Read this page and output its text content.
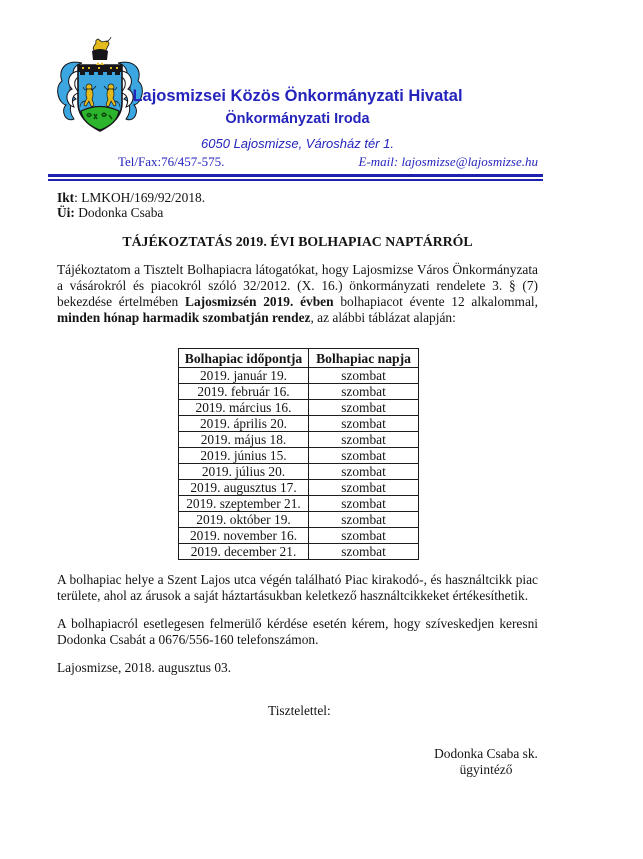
Lajosmizsei Közös Önkormányzati Hivatal
Önkormányzati Iroda
6050 Lajosmizse, Városház tér 1.
Tel/Fax:76/457-575.	E-mail: lajosmizse@lajosmizse.hu

Ikt: LMKOH/169/92/2018.

Üi: Dodonka Csaba

TÁJÉKOZTATÁS 2019. ÉVI BOLHAPIAC NAPTÁRRÓL

Tájékoztatom a Tisztelt Bolhapiacra látogatókat, hogy Lajosmizse Város Önkormányzata a vásárokról és piacokról szóló 32/2012. (X. 16.) önkormányzati rendelete 3. § (7) bekezdése értelmében Lajosmizsén 2019. évben bolhapiacot évente 12 alkalommal, minden hónap harmadik szombatján rendez, az alábbi táblázat alapján:

Bolhapiac időpontja	Bolhapiac napja
2019. január 19.	szombat
2019. február 16.	szombat
2019. március 16.	szombat
2019. április 20.	szombat
2019. május 18.	szombat
2019. június 15.	szombat
2019. július 20.	szombat
2019. augusztus 17.	szombat
2019. szeptember 21.	szombat
2019. október 19.	szombat
2019. november 16.	szombat
2019. december 21.	szombat

A bolhapiac helye a Szent Lajos utca végén található Piac kirakodó-, és használtcikk piac területe, ahol az árusok a saját háztartásukban keletkező használtcikkeket értékesíthetik.

A bolhapiacról esetlegesen felmerülő kérdése esetén kérem, hogy szíveskedjen keresni Dodonka Csabát a 0676/556-160 telefonszámon.

Lajosmizse, 2018. augusztus 03.

Tisztelettel:

Dodonka Csaba sk.
ügyintéző
